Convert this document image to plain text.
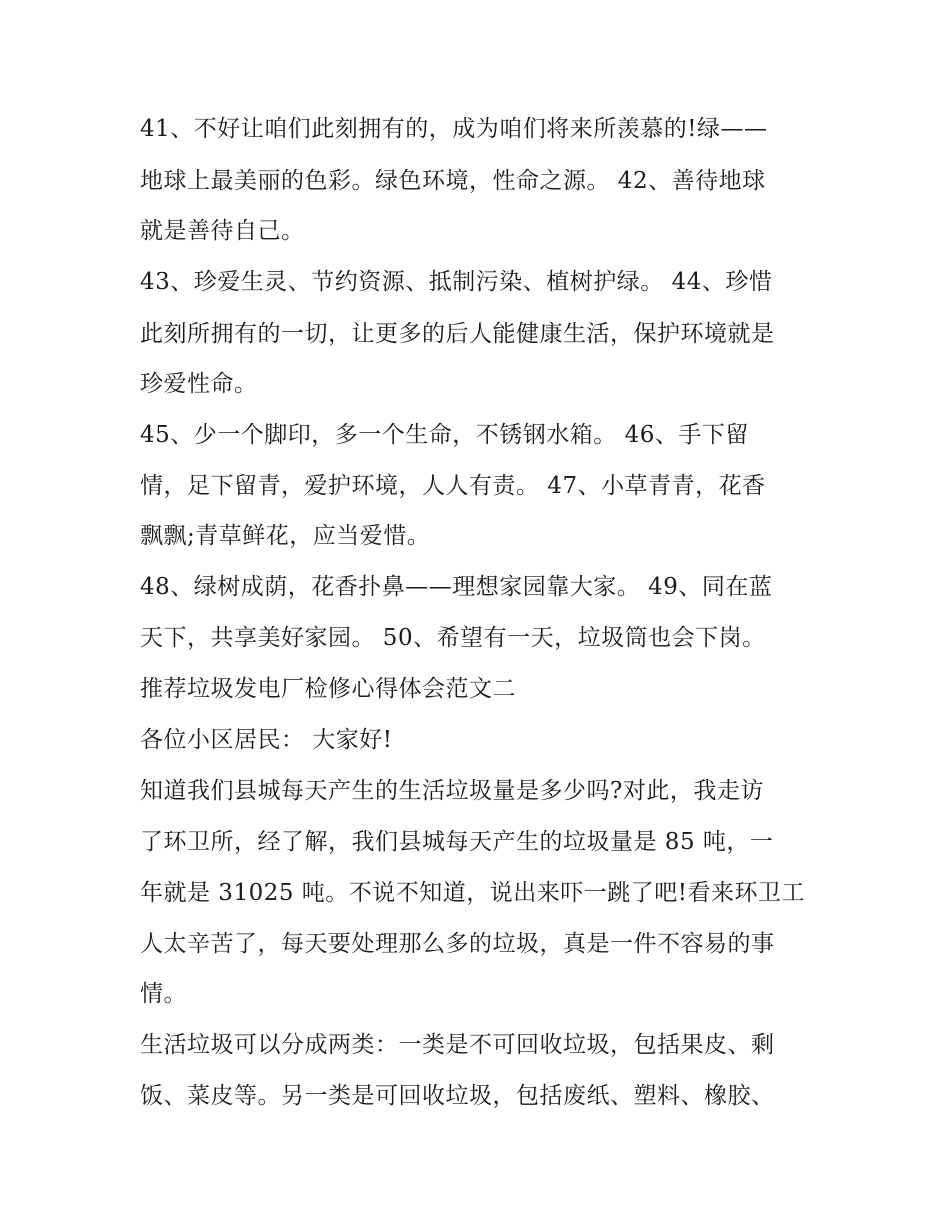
41、不好让咱们此刻拥有的，成为咱们将来所羡慕的!绿——
地球上最美丽的色彩。绿色环境，性命之源。 42、善待地球
就是善待自己。
43、珍爱生灵、节约资源、抵制污染、植树护绿。 44、珍惜
此刻所拥有的一切，让更多的后人能健康生活，保护环境就是
珍爱性命。
45、少一个脚印，多一个生命，不锈钢水箱。 46、手下留
情，足下留青，爱护环境，人人有责。 47、小草青青，花香
飘飘;青草鲜花，应当爱惜。
48、绿树成荫，花香扑鼻——理想家园靠大家。 49、同在蓝
天下，共享美好家园。 50、希望有一天，垃圾筒也会下岗。
推荐垃圾发电厂检修心得体会范文二
各位小区居民： 大家好!
知道我们县城每天产生的生活垃圾量是多少吗?对此，我走访
了环卫所，经了解，我们县城每天产生的垃圾量是 85 吨，一
年就是 31025 吨。不说不知道，说出来吓一跳了吧!看来环卫工
人太辛苦了，每天要处理那么多的垃圾，真是一件不容易的事
情。
生活垃圾可以分成两类：一类是不可回收垃圾，包括果皮、剩
饭、菜皮等。另一类是可回收垃圾，包括废纸、塑料、橡胶、
